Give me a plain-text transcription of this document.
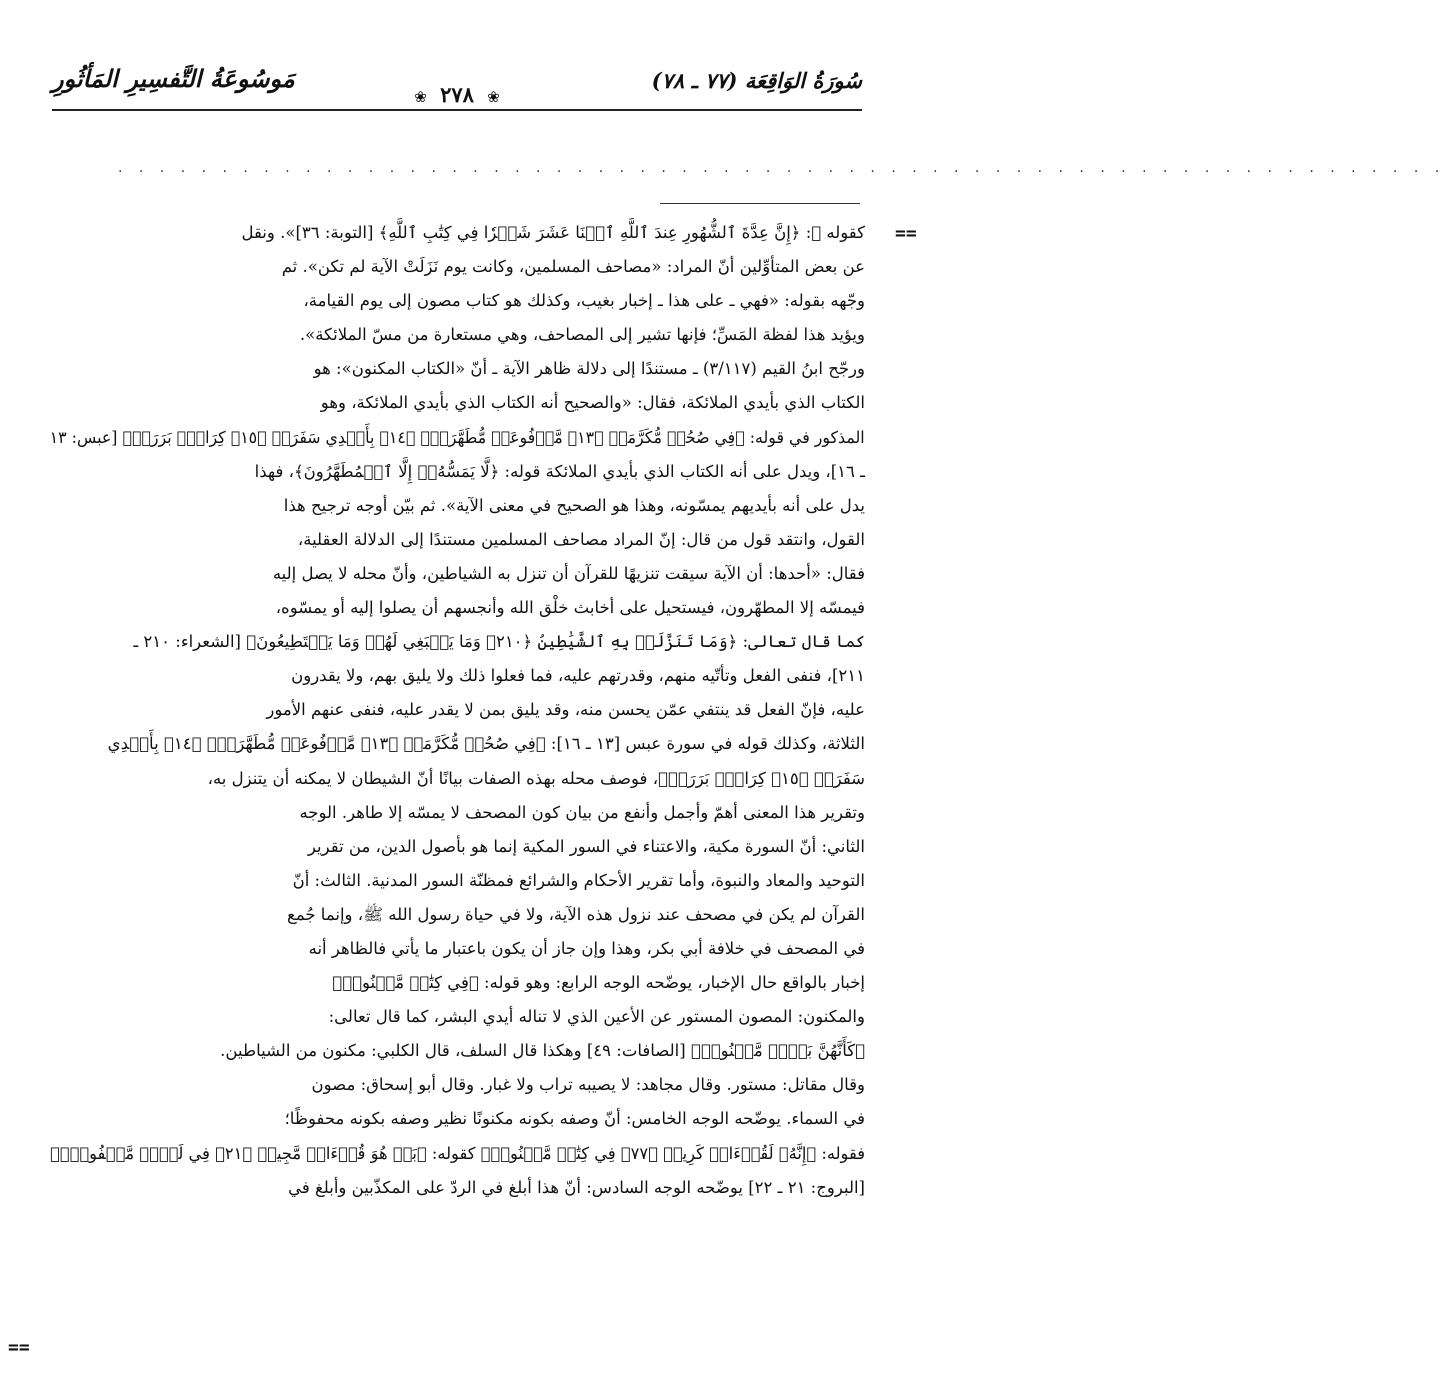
سُورَةُ الوَاقِعَة (٧٧ ـ ٧٨)
❀ ٢٧٨ ❀
مَوسُوعَةُ التَّفسِيرِ المَأثُورِ
. . . . . . . . . . . . . . . . . . . . . . . . . . . . . . . . . . . . . . . . . . . . . . . . . . . . . . . . . . . . . . . .
==

كقوله ﷻ: ﴿إِنَّ عِدَّةَ ٱلشُّهُورِ عِندَ ٱللَّهِ ٱثۡنَا عَشَرَ شَهۡرٗا فِي كِتَٰبِ ٱللَّهِ﴾ [التوبة: ٣٦]». ونقل

عن بعض المتأوِّلين أنّ المراد: «مصاحف المسلمين، وكانت يوم نَزَلَتْ الآية لم تكن». ثم

وجّهه بقوله: «فهي ـ على هذا ـ إخبار بغيب، وكذلك هو كتاب مصون إلى يوم القيامة،

ويؤيد هذا لفظة المَسِّ؛ فإنها تشير إلى المصاحف، وهي مستعارة من مسّ الملائكة».

ورجّح ابنُ القيم (٣/١١٧) ـ مستندًا إلى دلالة ظاهر الآية ـ أنّ «الكتاب المكنون»: هو

الكتاب الذي بأيدي الملائكة، فقال: «والصحيح أنه الكتاب الذي بأيدي الملائكة، وهو

المذكور في قوله: ﴿فِي صُحُفٖ مُّكَرَّمَةٖ ﴿١٣﴾ مَّرۡفُوعَةٖ مُّطَهَّرَةِۭ ﴿١٤﴾ بِأَيۡدِي سَفَرَةٖ ﴿١٥﴾ كِرَامِۭ بَرَرَةٖ﴾ [عبس: ١٣

ـ ١٦]، ويدل على أنه الكتاب الذي بأيدي الملائكة قوله: ﴿لَّا يَمَسُّهُۥٓ إِلَّا ٱلۡمُطَهَّرُونَ﴾، فهذا

يدل على أنه بأيديهم يمسّونه، وهذا هو الصحيح في معنى الآية». ثم بيّن أوجه ترجيح هذا

القول، وانتقد قول من قال: إنّ المراد مصاحف المسلمين مستندًا إلى الدلالة العقلية،

فقال: «أحدها: أن الآية سيقت تنزيهًا للقرآن أن تنزل به الشياطين، وأنّ محله لا يصل إليه

فيمسّه إلا المطهّرون، فيستحيل على أخابث خلْق الله وأنجسهم أن يصلوا إليه أو يمسّوه،

كما قال تعالى: ﴿وَمَا تَنَزَّلَتۡ بِهِ ٱلشَّيَٰطِينُ ﴿٢١٠﴾ وَمَا يَنۢبَغِي لَهُمۡ وَمَا يَسۡتَطِيعُونَ﴾ [الشعراء: ٢١٠ ـ

٢١١]، فنفى الفعل وتأتّيه منهم، وقدرتهم عليه، فما فعلوا ذلك ولا يليق بهم، ولا يقدرون

عليه، فإنّ الفعل قد ينتفي عمّن يحسن منه، وقد يليق بمن لا يقدر عليه، فنفى عنهم الأمور

الثلاثة، وكذلك قوله في سورة عبس [١٣ ـ ١٦]: ﴿فِي صُحُفٖ مُّكَرَّمَةٖ ﴿١٣﴾ مَّرۡفُوعَةٖ مُّطَهَّرَةِۭ ﴿١٤﴾ بِأَيۡدِي

سَفَرَةٖ ﴿١٥﴾ كِرَامِۭ بَرَرَةٖ﴾، فوصف محله بهذه الصفات بيانًا أنّ الشيطان لا يمكنه أن يتنزل به،

وتقرير هذا المعنى أهمّ وأجمل وأنفع من بيان كون المصحف لا يمسّه إلا طاهر. الوجه

الثاني: أنّ السورة مكية، والاعتناء في السور المكية إنما هو بأصول الدين، من تقرير

التوحيد والمعاد والنبوة، وأما تقرير الأحكام والشرائع فمظنّة السور المدنية. الثالث: أنّ

القرآن لم يكن في مصحف عند نزول هذه الآية، ولا في حياة رسول الله ﷺ، وإنما جُمع

في المصحف في خلافة أبي بكر، وهذا وإن جاز أن يكون باعتبار ما يأتي فالظاهر أنه

إخبار بالواقع حال الإخبار، يوضّحه الوجه الرابع: وهو قوله: ﴿فِي كِتَٰبٖ مَّكۡنُونٖ﴾

والمكنون: المصون المستور عن الأعين الذي لا تناله أيدي البشر، كما قال تعالى:

﴿كَأَنَّهُنَّ بَيۡضٞ مَّكۡنُونٞ﴾ [الصافات: ٤٩] وهكذا قال السلف، قال الكلبي: مكنون من الشياطين.

وقال مقاتل: مستور. وقال مجاهد: لا يصيبه تراب ولا غبار. وقال أبو إسحاق: مصون

في السماء. يوضّحه الوجه الخامس: أنّ وصفه بكونه مكنونًا نظير وصفه بكونه محفوظًا؛

فقوله: ﴿إِنَّهُۥ لَقُرۡءَانٞ كَرِيمٞ ﴿٧٧﴾ فِي كِتَٰبٖ مَّكۡنُونٖ﴾ كقوله: ﴿بَلۡ هُوَ قُرۡءَانٞ مَّجِيدٞ ﴿٢١﴾ فِي لَوۡحٖ مَّحۡفُوظِۭ﴾

[البروج: ٢١ ـ ٢٢] يوضّحه الوجه السادس: أنّ هذا أبلغ في الردّ على المكذّبين وأبلغ في

==
